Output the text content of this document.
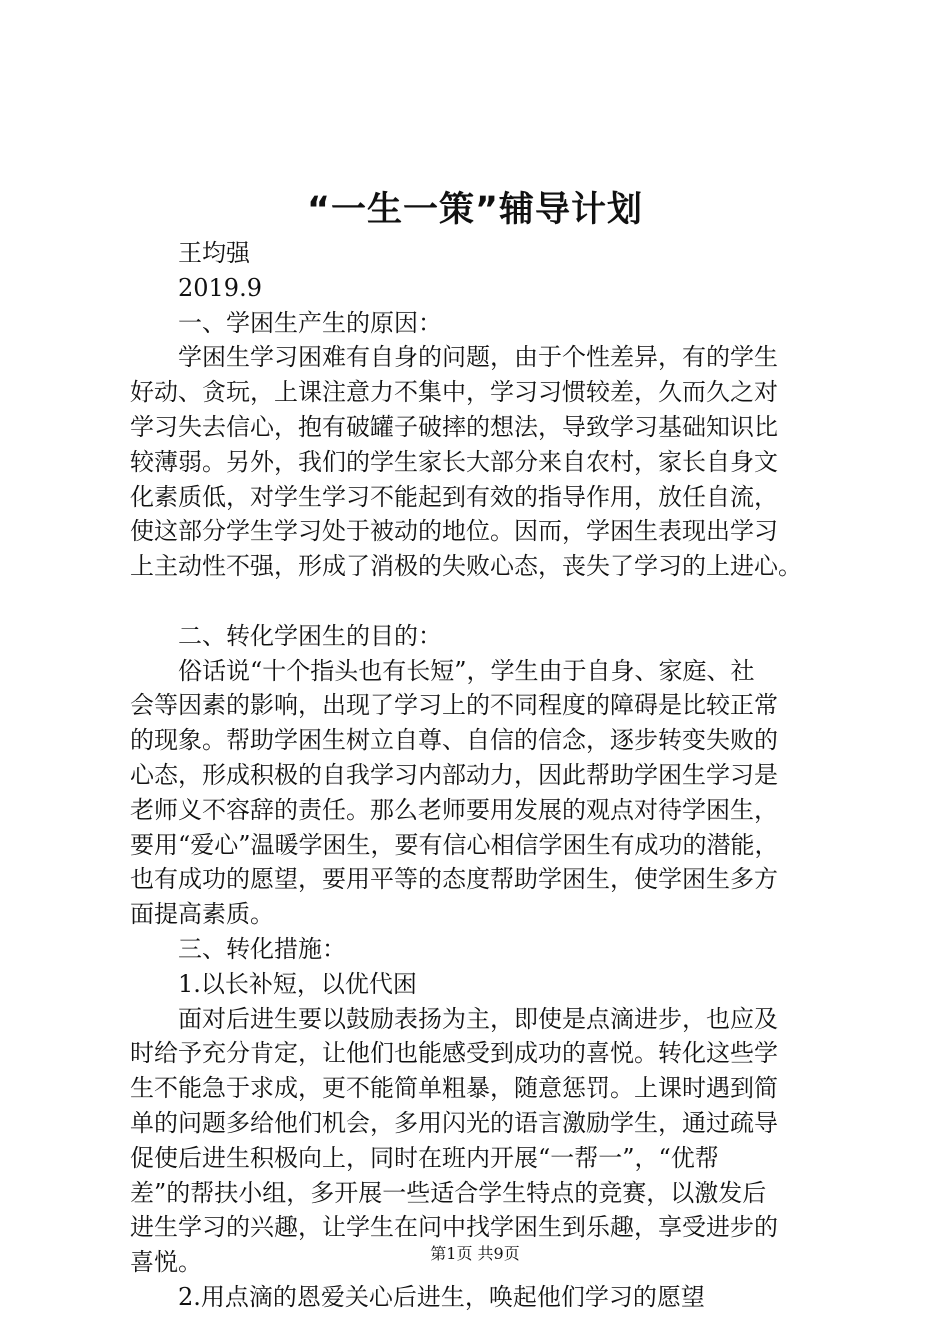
“一生一策”辅导计划
王均强
2019.9
一、学困生产生的原因：
学困生学习困难有自身的问题，由于个性差异，有的学生
好动、贪玩，上课注意力不集中，学习习惯较差，久而久之对
学习失去信心，抱有破罐子破摔的想法，导致学习基础知识比
较薄弱。另外，我们的学生家长大部分来自农村，家长自身文
化素质低，对学生学习不能起到有效的指导作用，放任自流，
使这部分学生学习处于被动的地位。因而，学困生表现出学习
上主动性不强，形成了消极的失败心态，丧失了学习的上进心。
二、转化学困生的目的：
俗话说“十个指头也有长短”，学生由于自身、家庭、社
会等因素的影响，出现了学习上的不同程度的障碍是比较正常
的现象。帮助学困生树立自尊、自信的信念，逐步转变失败的
心态，形成积极的自我学习内部动力，因此帮助学困生学习是
老师义不容辞的责任。那么老师要用发展的观点对待学困生，
要用“爱心”温暖学困生，要有信心相信学困生有成功的潜能，
也有成功的愿望，要用平等的态度帮助学困生，使学困生多方
面提高素质。
三、转化措施：
1.以长补短，以优代困
面对后进生要以鼓励表扬为主，即使是点滴进步，也应及
时给予充分肯定，让他们也能感受到成功的喜悦。转化这些学
生不能急于求成，更不能简单粗暴，随意惩罚。上课时遇到简
单的问题多给他们机会，多用闪光的语言激励学生，通过疏导
促使后进生积极向上，同时在班内开展“一帮一”，“优帮
差”的帮扶小组，多开展一些适合学生特点的竞赛，以激发后
进生学习的兴趣，让学生在问中找学困生到乐趣，享受进步的
喜悦。
2.用点滴的恩爱关心后进生，唤起他们学习的愿望
第1页 共9页
